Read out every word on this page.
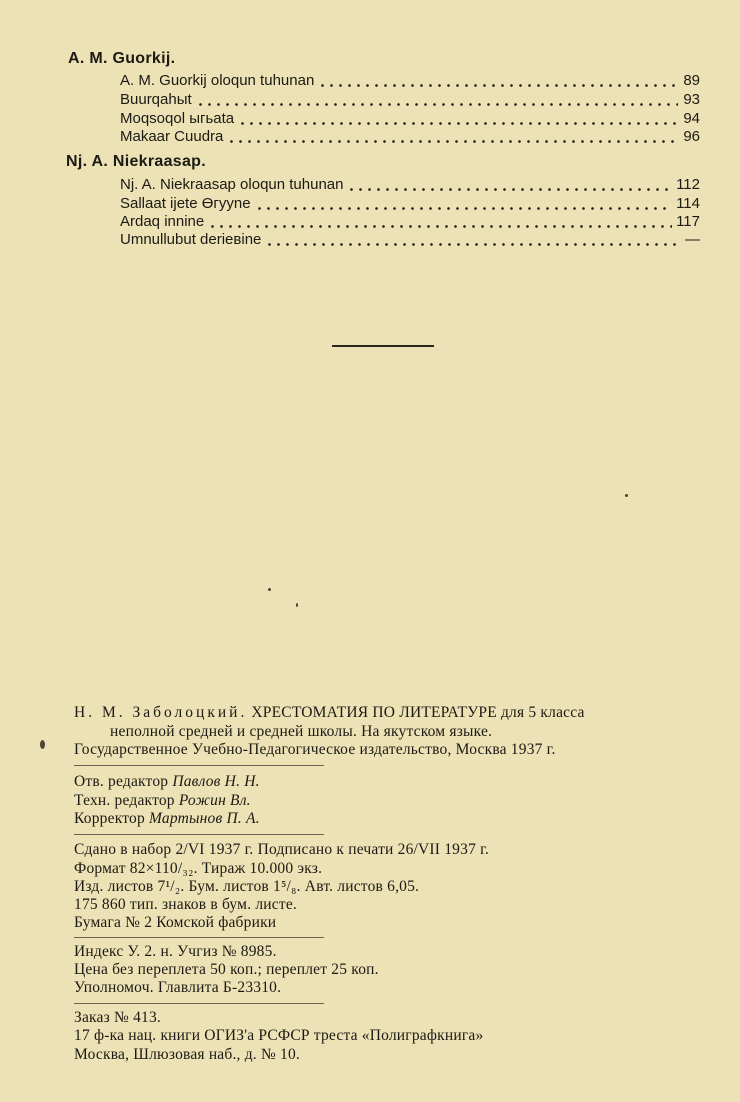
A. M. Guorkij.
A. M. Guorkij oloqun tuhunan	89
Buurqahыt	93
Moqsoqol ыгьata	94
Makaar Cuudra	96
Nj. A. Niekraasap.
Nj. A. Niekraasap oloqun tuhunan	112
Sallaat ijete Өгyyne	114
Ardaq innine	117
Umnullubut derieвine	—
Н. М. Заболоцкий. ХРЕСТОМАТИЯ ПО ЛИТЕРАТУРЕ для 5 класса
неполной средней и средней школы. На якутском языке.
Государственное Учебно-Педагогическое издательство, Москва 1937 г.
Отв. редактор Павлов Н. Н.
Техн. редактор Рожин Вл.
Корректор Мартынов П. А.
Сдано в набор 2/VI 1937 г. Подписано к печати 26/VII 1937 г.
Формат 82×110/₃₂. Тираж 10.000 экз.
Изд. листов 7¹/₂. Бум. листов 1⁵/₈. Авт. листов 6,05.
175 860 тип. знаков в бум. листе.
Бумага № 2 Комской фабрики
Индекс У. 2. н. Учгиз № 8985.
Цена без переплета 50 коп.; переплет 25 коп.
Уполномоч. Главлита Б-23310.
Заказ № 413.
17 ф-ка нац. книги ОГИЗ'а РСФСР треста «Полиграфкнига»
Москва, Шлюзовая наб., д. № 10.
